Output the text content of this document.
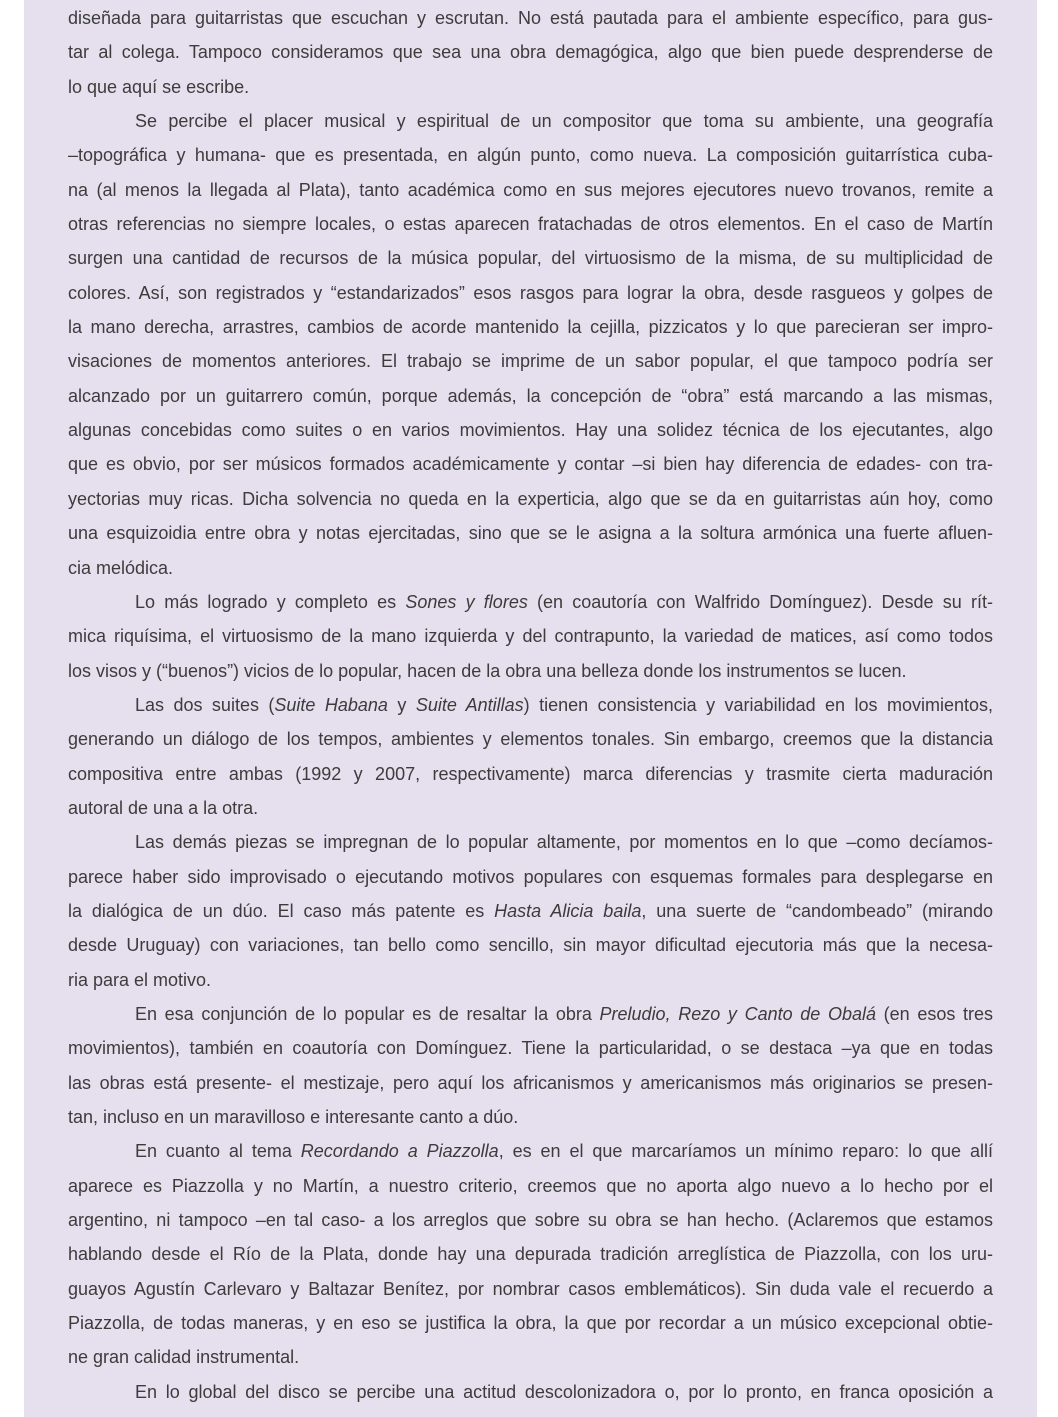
diseñada para guitarristas que escuchan y escrutan. No está pautada para el ambiente específico, para gus-
tar al colega. Tampoco consideramos que sea una obra demagógica, algo que bien puede desprenderse de
lo que aquí se escribe.
Se percibe el placer musical y espiritual de un compositor que toma su ambiente, una geografía
–topográfica y humana- que es presentada, en algún punto, como nueva. La composición guitarrística cuba-
na (al menos la llegada al Plata), tanto académica como en sus mejores ejecutores nuevo trovanos, remite a
otras referencias no siempre locales, o estas aparecen fratachadas de otros elementos. En el caso de Martín
surgen una cantidad de recursos de la música popular, del virtuosismo de la misma, de su multiplicidad de
colores. Así, son registrados y “estandarizados” esos rasgos para lograr la obra, desde rasgueos y golpes de
la mano derecha, arrastres, cambios de acorde mantenido la cejilla, pizzicatos y lo que parecieran ser impro-
visaciones de momentos anteriores. El trabajo se imprime de un sabor popular, el que tampoco podría ser
alcanzado por un guitarrero común, porque además, la concepción de “obra” está marcando a las mismas,
algunas concebidas como suites o en varios movimientos. Hay una solidez técnica de los ejecutantes, algo
que es obvio, por ser músicos formados académicamente y contar –si bien hay diferencia de edades- con tra-
yectorias muy ricas. Dicha solvencia no queda en la experticia, algo que se da en guitarristas aún hoy, como
una esquizoidia entre obra y notas ejercitadas, sino que se le asigna a la soltura armónica una fuerte afluen-
cia melódica.
Lo más logrado y completo es Sones y flores (en coautoría con Walfrido Domínguez). Desde su rít-
mica riquísima, el virtuosismo de la mano izquierda y del contrapunto, la variedad de matices, así como todos
los visos y (“buenos”) vicios de lo popular, hacen de la obra una belleza donde los instrumentos se lucen.
Las dos suites (Suite Habana y Suite Antillas) tienen consistencia y variabilidad en los movimientos,
generando un diálogo de los tempos, ambientes y elementos tonales. Sin embargo, creemos que la distancia
compositiva entre ambas (1992 y 2007, respectivamente) marca diferencias y trasmite cierta maduración
autoral de una a la otra.
Las demás piezas se impregnan de lo popular altamente, por momentos en lo que –como decíamos-
parece haber sido improvisado o ejecutando motivos populares con esquemas formales para desplegarse en
la dialógica de un dúo. El caso más patente es Hasta Alicia baila, una suerte de “candombeado” (mirando
desde Uruguay) con variaciones, tan bello como sencillo, sin mayor dificultad ejecutoria más que la necesa-
ria para el motivo.
En esa conjunción de lo popular es de resaltar la obra Preludio, Rezo y Canto de Obalá (en esos tres
movimientos), también en coautoría con Domínguez. Tiene la particularidad, o se destaca –ya que en todas
las obras está presente- el mestizaje, pero aquí los africanismos y americanismos más originarios se presen-
tan, incluso en un maravilloso e interesante canto a dúo.
En cuanto al tema Recordando a Piazzolla, es en el que marcaríamos un mínimo reparo: lo que allí
aparece es Piazzolla y no Martín, a nuestro criterio, creemos que no aporta algo nuevo a lo hecho por el
argentino, ni tampoco –en tal caso- a los arreglos que sobre su obra se han hecho. (Aclaremos que estamos
hablando desde el Río de la Plata, donde hay una depurada tradición arreglística de Piazzolla, con los uru-
guayos Agustín Carlevaro y Baltazar Benítez, por nombrar casos emblemáticos). Sin duda vale el recuerdo a
Piazzolla, de todas maneras, y en eso se justifica la obra, la que por recordar a un músico excepcional obtie-
ne gran calidad instrumental.
En lo global del disco se percibe una actitud descolonizadora o, por lo pronto, en franca oposición a
